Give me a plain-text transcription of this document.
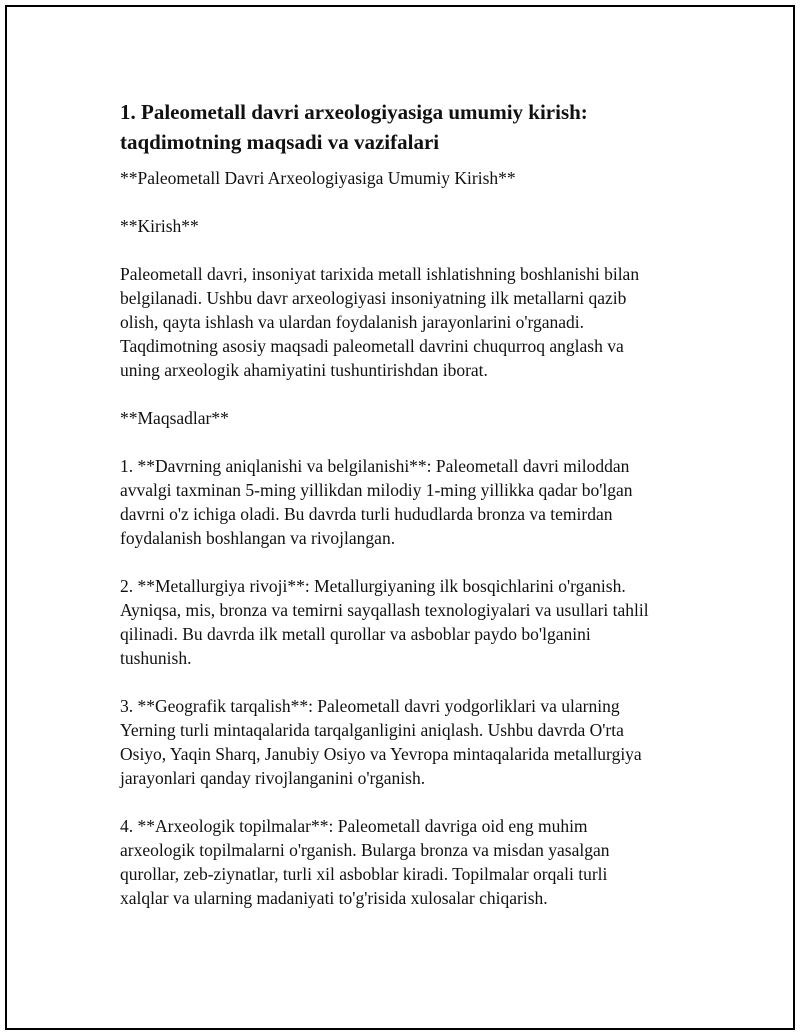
1. Paleometall davri arxeologiyasiga umumiy kirish:
taqdimotning maqsadi va vazifalari

**Paleometall Davri Arxeologiyasiga Umumiy Kirish**

**Kirish**

Paleometall davri, insoniyat tarixida metall ishlatishning boshlanishi bilan
belgilanadi. Ushbu davr arxeologiyasi insoniyatning ilk metallarni qazib
olish, qayta ishlash va ulardan foydalanish jarayonlarini o'rganadi.
Taqdimotning asosiy maqsadi paleometall davrini chuqurroq anglash va
uning arxeologik ahamiyatini tushuntirishdan iborat.

**Maqsadlar**

1. **Davrning aniqlanishi va belgilanishi**: Paleometall davri miloddan
avvalgi taxminan 5-ming yillikdan milodiy 1-ming yillikka qadar bo'lgan
davrni o'z ichiga oladi. Bu davrda turli hududlarda bronza va temirdan
foydalanish boshlangan va rivojlangan.

2. **Metallurgiya rivoji**: Metallurgiyaning ilk bosqichlarini o'rganish.
Ayniqsa, mis, bronza va temirni sayqallash texnologiyalari va usullari tahlil
qilinadi. Bu davrda ilk metall qurollar va asboblar paydo bo'lganini
tushunish.

3. **Geografik tarqalish**: Paleometall davri yodgorliklari va ularning
Yerning turli mintaqalarida tarqalganligini aniqlash. Ushbu davrda O'rta
Osiyo, Yaqin Sharq, Janubiy Osiyo va Yevropa mintaqalarida metallurgiya
jarayonlari qanday rivojlanganini o'rganish.

4. **Arxeologik topilmalar**: Paleometall davriga oid eng muhim
arxeologik topilmalarni o'rganish. Bularga bronza va misdan yasalgan
qurollar, zeb-ziynatlar, turli xil asboblar kiradi. Topilmalar orqali turli
xalqlar va ularning madaniyati to'g'risida xulosalar chiqarish.
